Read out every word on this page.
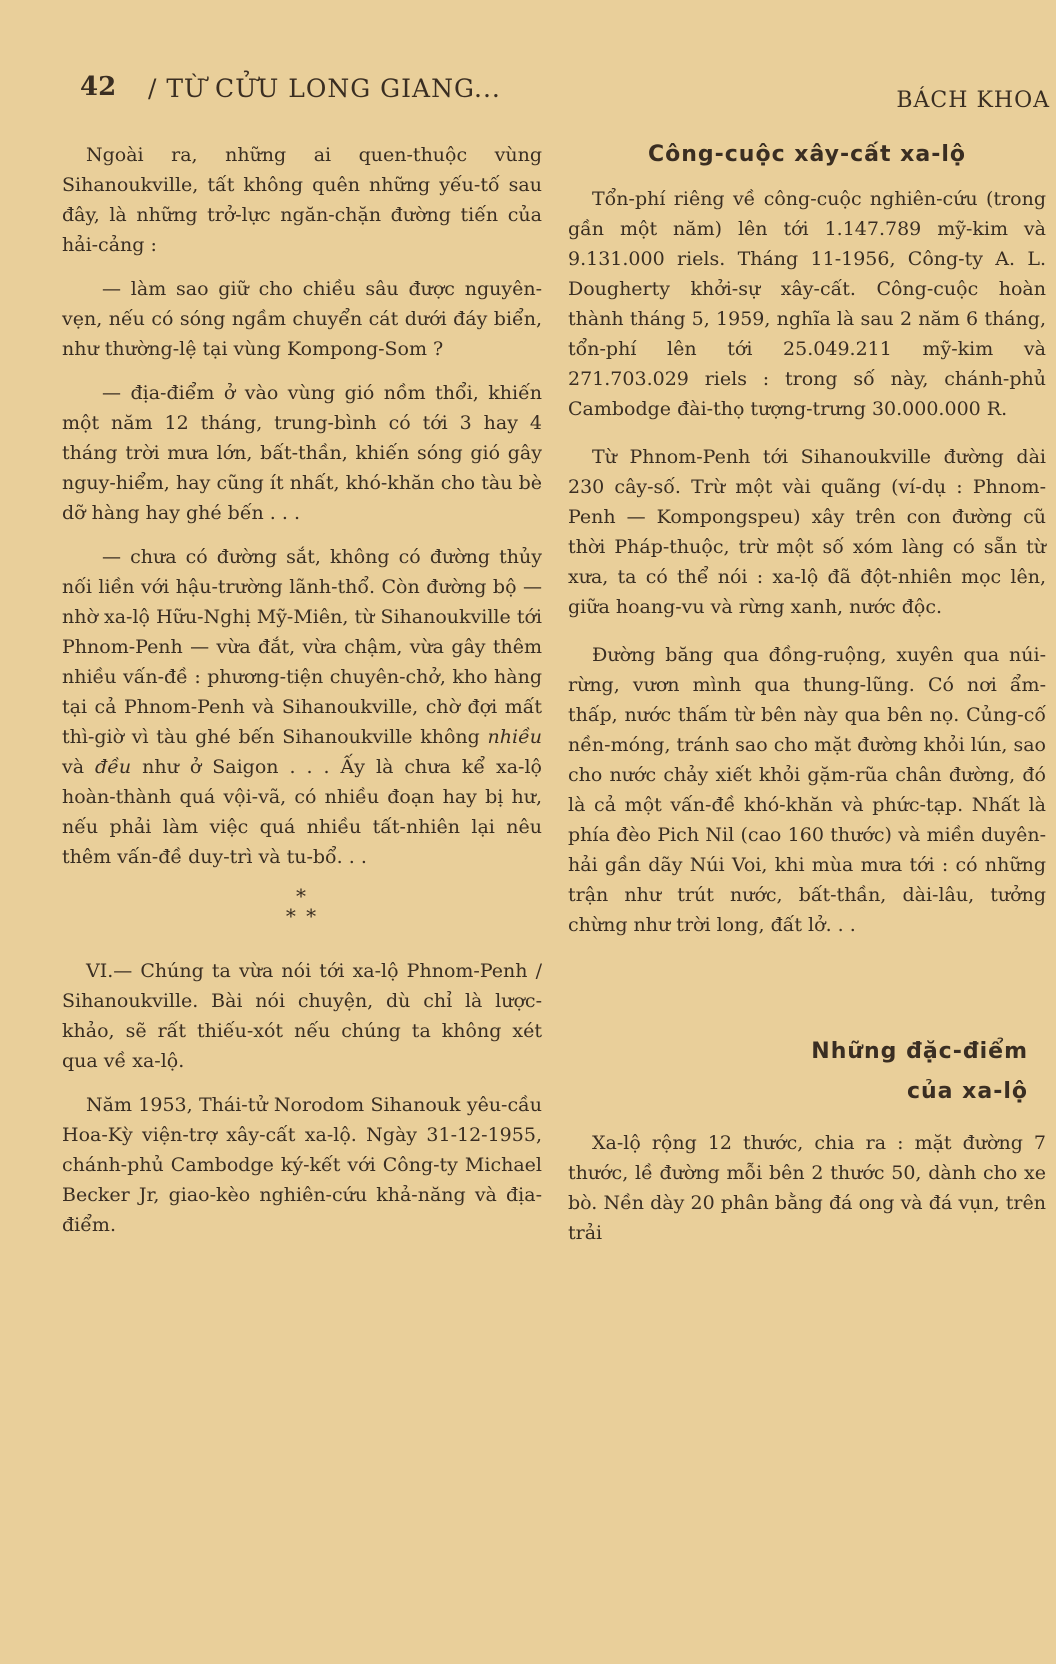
42 / TỪ CỬU LONG GIANG...	BÁCH KHOA

Ngoài ra, những ai quen-thuộc vùng Sihanoukville, tất không quên những yếu-tố sau đây, là những trở-lực ngăn-chặn đường tiến của hải-cảng :

— làm sao giữ cho chiều sâu được nguyên-vẹn, nếu có sóng ngầm chuyển cát dưới đáy biển, như thường-lệ tại vùng Kompong-Som ?

— địa-điểm ở vào vùng gió nồm thổi, khiến một năm 12 tháng, trung-bình có tới 3 hay 4 tháng trời mưa lớn, bất-thần, khiến sóng gió gây nguy-hiểm, hay cũng ít nhất, khó-khăn cho tàu bè dỡ hàng hay ghé bến . . .

— chưa có đường sắt, không có đường thủy nối liền với hậu-trường lãnh-thổ. Còn đường bộ — nhờ xa-lộ Hữu-Nghị Mỹ-Miên, từ Sihanoukville tới Phnom-Penh — vừa đắt, vừa chậm, vừa gây thêm nhiều vấn-đề : phương-tiện chuyên-chở, kho hàng tại cả Phnom-Penh và Sihanoukville, chờ đợi mất thì-giờ vì tàu ghé bến Sihanoukville không nhiều và đều như ở Saigon . . . Ấy là chưa kể xa-lộ hoàn-thành quá vội-vã, có nhiều đoạn hay bị hư, nếu phải làm việc quá nhiều tất-nhiên lại nêu thêm vấn-đề duy-trì và tu-bổ. . .

*
* *

VI.— Chúng ta vừa nói tới xa-lộ Phnom-Penh / Sihanoukville. Bài nói chuyện, dù chỉ là lược-khảo, sẽ rất thiếu-xót nếu chúng ta không xét qua về xa-lộ.

Năm 1953, Thái-tử Norodom Sihanouk yêu-cầu Hoa-Kỳ viện-trợ xây-cất xa-lộ. Ngày 31-12-1955, chánh-phủ Cambodge ký-kết với Công-ty Michael Becker Jr, giao-kèo nghiên-cứu khả-năng và địa-điểm.

Công-cuộc xây-cất xa-lộ

Tổn-phí riêng về công-cuộc nghiên-cứu (trong gần một năm) lên tới 1.147.789 mỹ-kim và 9.131.000 riels. Tháng 11-1956, Công-ty A. L. Dougherty khởi-sự xây-cất. Công-cuộc hoàn thành tháng 5, 1959, nghĩa là sau 2 năm 6 tháng, tổn-phí lên tới 25.049.211 mỹ-kim và 271.703.029 riels : trong số này, chánh-phủ Cambodge đài-thọ tượng-trưng 30.000.000 R.

Từ Phnom-Penh tới Sihanoukville đường dài 230 cây-số. Trừ một vài quãng (ví-dụ : Phnom-Penh — Kompongspeu) xây trên con đường cũ thời Pháp-thuộc, trừ một số xóm làng có sẵn từ xưa, ta có thể nói : xa-lộ đã đột-nhiên mọc lên, giữa hoang-vu và rừng xanh, nước độc.

Đường băng qua đồng-ruộng, xuyên qua núi-rừng, vươn mình qua thung-lũng. Có nơi ẩm-thấp, nước thấm từ bên này qua bên nọ. Củng-cố nền-móng, tránh sao cho mặt đường khỏi lún, sao cho nước chảy xiết khỏi gặm-rũa chân đường, đó là cả một vấn-đề khó-khăn và phức-tạp. Nhất là phía đèo Pich Nil (cao 160 thước) và miền duyên-hải gần dãy Núi Voi, khi mùa mưa tới : có những trận như trút nước, bất-thần, dài-lâu, tưởng chừng như trời long, đất lở. . .

Những đặc-điểm
của xa-lộ

Xa-lộ rộng 12 thước, chia ra : mặt đường 7 thước, lề đường mỗi bên 2 thước 50, dành cho xe bò. Nền dày 20 phân bằng đá ong và đá vụn, trên trải
